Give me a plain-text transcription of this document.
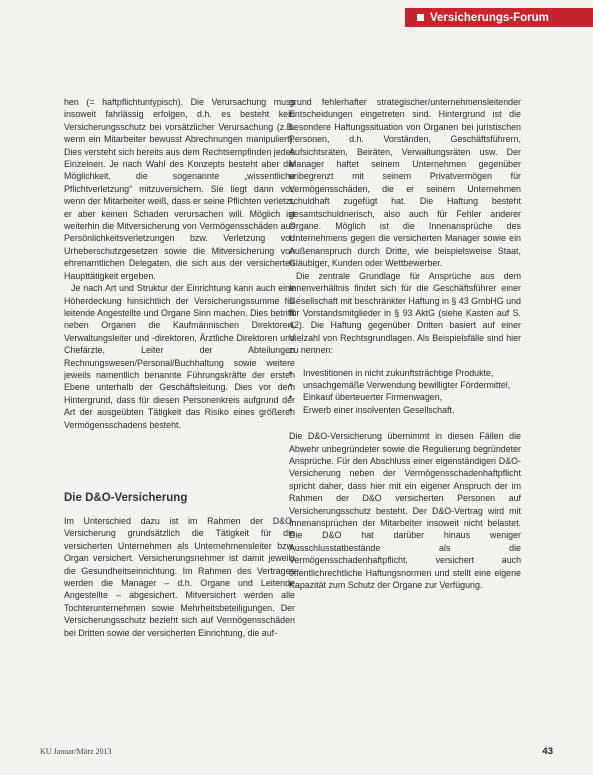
Versicherungs-Forum

hen (= haftpflichtuntypisch). Die Verursachung muss insoweit fahrlässig erfolgen, d.h. es besteht kein Versicherungsschutz bei vorsätzlicher Verursachung (z.B. wenn ein Mitarbeiter bewusst Abrechnungen manipuliert). Dies versteht sich bereits aus dem Rechtsempfinden jedes Einzelnen. Je nach Wahl des Konzepts besteht aber die Möglichkeit, die sogenannte „wissentliche Pflichtverletzung“ mitzuversichern. Sie liegt dann vor, wenn der Mitarbeiter weiß, dass er seine Pflichten verletzt, er aber keinen Schaden verursachen will. Möglich ist weiterhin die Mitversicherung von Vermögensschäden aus Persönlichkeitsverletzungen bzw. Verletzung von Urheberschutzgesetzen sowie die Mitversicherung von ehrenamtlichen Delegaten, die sich aus der versicherten Haupttätigkeit ergeben.

Je nach Art und Struktur der Einrichtung kann auch eine Höherdeckung hinsichtlich der Versicherungssumme für leitende Angestellte und Organe Sinn machen. Dies betrifft neben Organen die Kaufmännischen Direktoren, Verwaltungsleiter und -direktoren, Ärztliche Direktoren und Chefärzte, Leiter der Abteilungen Rechnungswesen/Personal/Buchhaltung sowie weitere jeweils namentlich benannte Führungskräfte der ersten Ebene unterhalb der Geschäftsleitung. Dies vor dem Hintergrund, dass für diesen Personenkreis aufgrund der Art der ausgeübten Tätigkeit das Risiko eines größeren Vermögensschadens besteht.

Die D&O-Versicherung

Im Unterschied dazu ist im Rahmen der D&O-Versicherung grundsätzlich die Tätigkeit für die versicherten Unternehmen als Unternehmensleiter bzw. Organ versichert. Versicherungsnehmer ist damit jeweils die Gesundheitseinrichtung. Im Rahmen des Vertrages werden die Manager – d.h. Organe und Leitende Angestellte – abgesichert. Mitversichert werden alle Tochterunternehmen sowie Mehrheitsbeteiligungen. Der Versicherungsschutz bezieht sich auf Vermögensschäden bei Dritten sowie der versicherten Einrichtung, die auf-

grund fehlerhafter strategischer/unternehmensleitender Entscheidungen eingetreten sind. Hintergrund ist die besondere Haftungssituation von Organen bei juristischen Personen, d.h. Vorständen, Geschäftsführern, Aufsichtsräten, Beiräten, Verwaltungsräten usw. Der Manager haftet seinem Unternehmen gegenüber unbegrenzt mit seinem Privatvermögen für Vermögensschäden, die er seinem Unternehmen schuldhaft zugefügt hat. Die Haftung besteht gesamtschuldnerisch, also auch für Fehler anderer Organe. Möglich ist die Innenansprüche des Unternehmens gegen die versicherten Manager sowie ein Außenanspruch durch Dritte, wie beispielsweise Staat, Gläubiger, Kunden oder Wettbewerber.

Die zentrale Grundlage für Ansprüche aus dem Innenverhältnis findet sich für die Geschäftsführer einer Gesellschaft mit beschränkter Haftung in § 43 GmbHG und für Vorstandsmitglieder in § 93 AktG (siehe Kasten auf S. 42). Die Haftung gegenüber Dritten basiert auf einer Vielzahl von Rechtsgrundlagen. Als Beispielsfälle sind hier zu nennen:

• Investitionen in nicht zukunftsträchtige Produkte,
• unsachgemäße Verwendung bewilligter Fördermittel,
• Einkauf überteuerter Firmenwagen,
• Erwerb einer insolventen Gesellschaft.

Die D&O-Versicherung übernimmt in diesen Fällen die Abwehr unbegründeter sowie die Regulierung begründeter Ansprüche. Für den Abschluss einer eigenständigen D&O-Versicherung neben der Vermögensschadenhaftpflicht spricht daher, dass hier mit ein eigener Anspruch der im Rahmen der D&O versicherten Personen auf Versicherungsschutz besteht. Der D&O-Vertrag wird mit Innenansprüchen der Mitarbeiter insoweit nicht belastet. Die D&O hat darüber hinaus weniger Ausschlusstatbestände als die Vermögensschadenhaftpflicht, versichert auch öffentlichrechtliche Haftungsnormen und stellt eine eigene Kapazität zum Schutz der Organe zur Verfügung.

KU Januar/März 2013	43
